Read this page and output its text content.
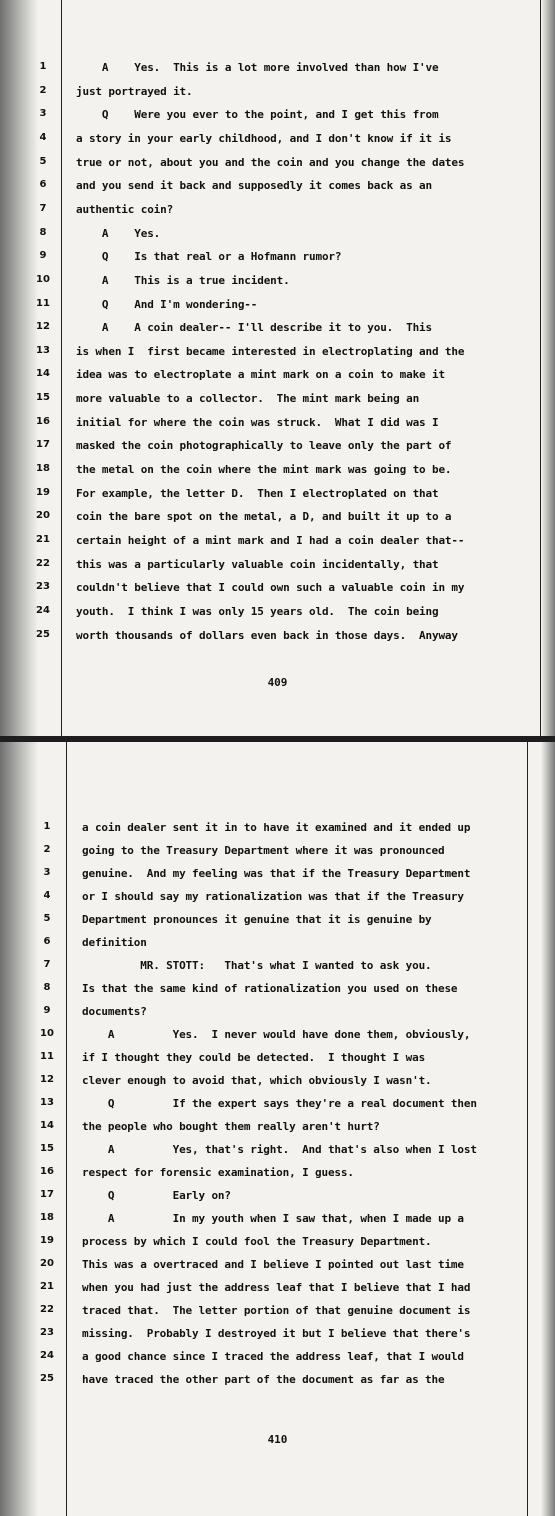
1	A    Yes.  This is a lot more involved than how I've
2	just portrayed it.
3	Q    Were you ever to the point, and I get this from
4	a story in your early childhood, and I don't know if it is
5	true or not, about you and the coin and you change the dates
6	and you send it back and supposedly it comes back as an
7	authentic coin?
8	A    Yes.
9	Q    Is that real or a Hofmann rumor?
10	A    This is a true incident.
11	Q    And I'm wondering--
12	A    A coin dealer-- I'll describe it to you.  This
13	is when I  first became interested in electroplating and the
14	idea was to electroplate a mint mark on a coin to make it
15	more valuable to a collector.  The mint mark being an
16	initial for where the coin was struck.  What I did was I
17	masked the coin photographically to leave only the part of
18	the metal on the coin where the mint mark was going to be.
19	For example, the letter D.  Then I electroplated on that
20	coin the bare spot on the metal, a D, and built it up to a
21	certain height of a mint mark and I had a coin dealer that--
22	this was a particularly valuable coin incidentally, that
23	couldn't believe that I could own such a valuable coin in my
24	youth.  I think I was only 15 years old.  The coin being
25	worth thousands of dollars even back in those days.  Anyway
409
1	a coin dealer sent it in to have it examined and it ended up
2	going to the Treasury Department where it was pronounced
3	genuine.  And my feeling was that if the Treasury Department
4	or I should say my rationalization was that if the Treasury
5	Department pronounces it genuine that it is genuine by
6	definition
7	MR. STOTT:   That's what I wanted to ask you.
8	Is that the same kind of rationalization you used on these
9	documents?
10	A         Yes.  I never would have done them, obviously,
11	if I thought they could be detected.  I thought I was
12	clever enough to avoid that, which obviously I wasn't.
13	Q         If the expert says they're a real document then
14	the people who bought them really aren't hurt?
15	A         Yes, that's right.  And that's also when I lost
16	respect for forensic examination, I guess.
17	Q         Early on?
18	A         In my youth when I saw that, when I made up a
19	process by which I could fool the Treasury Department.
20	This was a overtraced and I believe I pointed out last time
21	when you had just the address leaf that I believe that I had
22	traced that.  The letter portion of that genuine document is
23	missing.  Probably I destroyed it but I believe that there's
24	a good chance since I traced the address leaf, that I would
25	have traced the other part of the document as far as the
410
